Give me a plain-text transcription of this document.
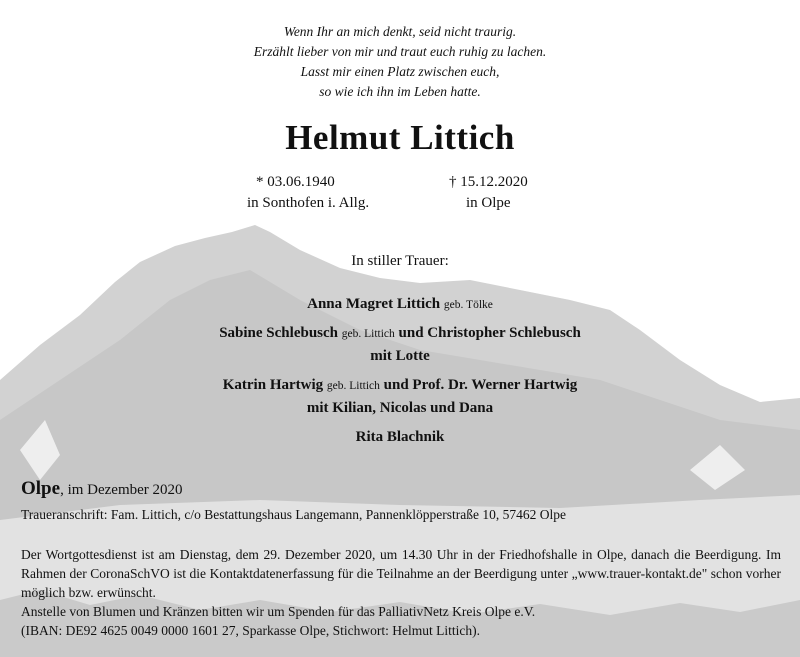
Wenn Ihr an mich denkt, seid nicht traurig.
Erzählt lieber von mir und traut euch ruhig zu lachen.
Lasst mir einen Platz zwischen euch,
so wie ich ihn im Leben hatte.
Helmut Littich
* 03.06.1940
in Sonthofen i. Allg.
† 15.12.2020
in Olpe
In stiller Trauer:
Anna Magret Littich geb. Tölke
Sabine Schlebusch geb. Littich und Christopher Schlebusch
mit Lotte
Katrin Hartwig geb. Littich und Prof. Dr. Werner Hartwig
mit Kilian, Nicolas und Dana
Rita Blachnik
Olpe, im Dezember 2020
Traueranschrift: Fam. Littich, c/o Bestattungshaus Langemann, Pannenklöpperstraße 10, 57462 Olpe

Der Wortgottesdienst ist am Dienstag, dem 29. Dezember 2020, um 14.30 Uhr in der Friedhofshalle in Olpe, danach die Beerdigung. Im Rahmen der CoronaSchVO ist die Kontaktdatenerfassung für die Teilnahme an der Beerdigung unter „www.trauer-kontakt.de" schon vorher möglich bzw. erwünscht.

Anstelle von Blumen und Kränzen bitten wir um Spenden für das PalliativNetz Kreis Olpe e.V.

(IBAN: DE92 4625 0049 0000 1601 27, Sparkasse Olpe, Stichwort: Helmut Littich).
